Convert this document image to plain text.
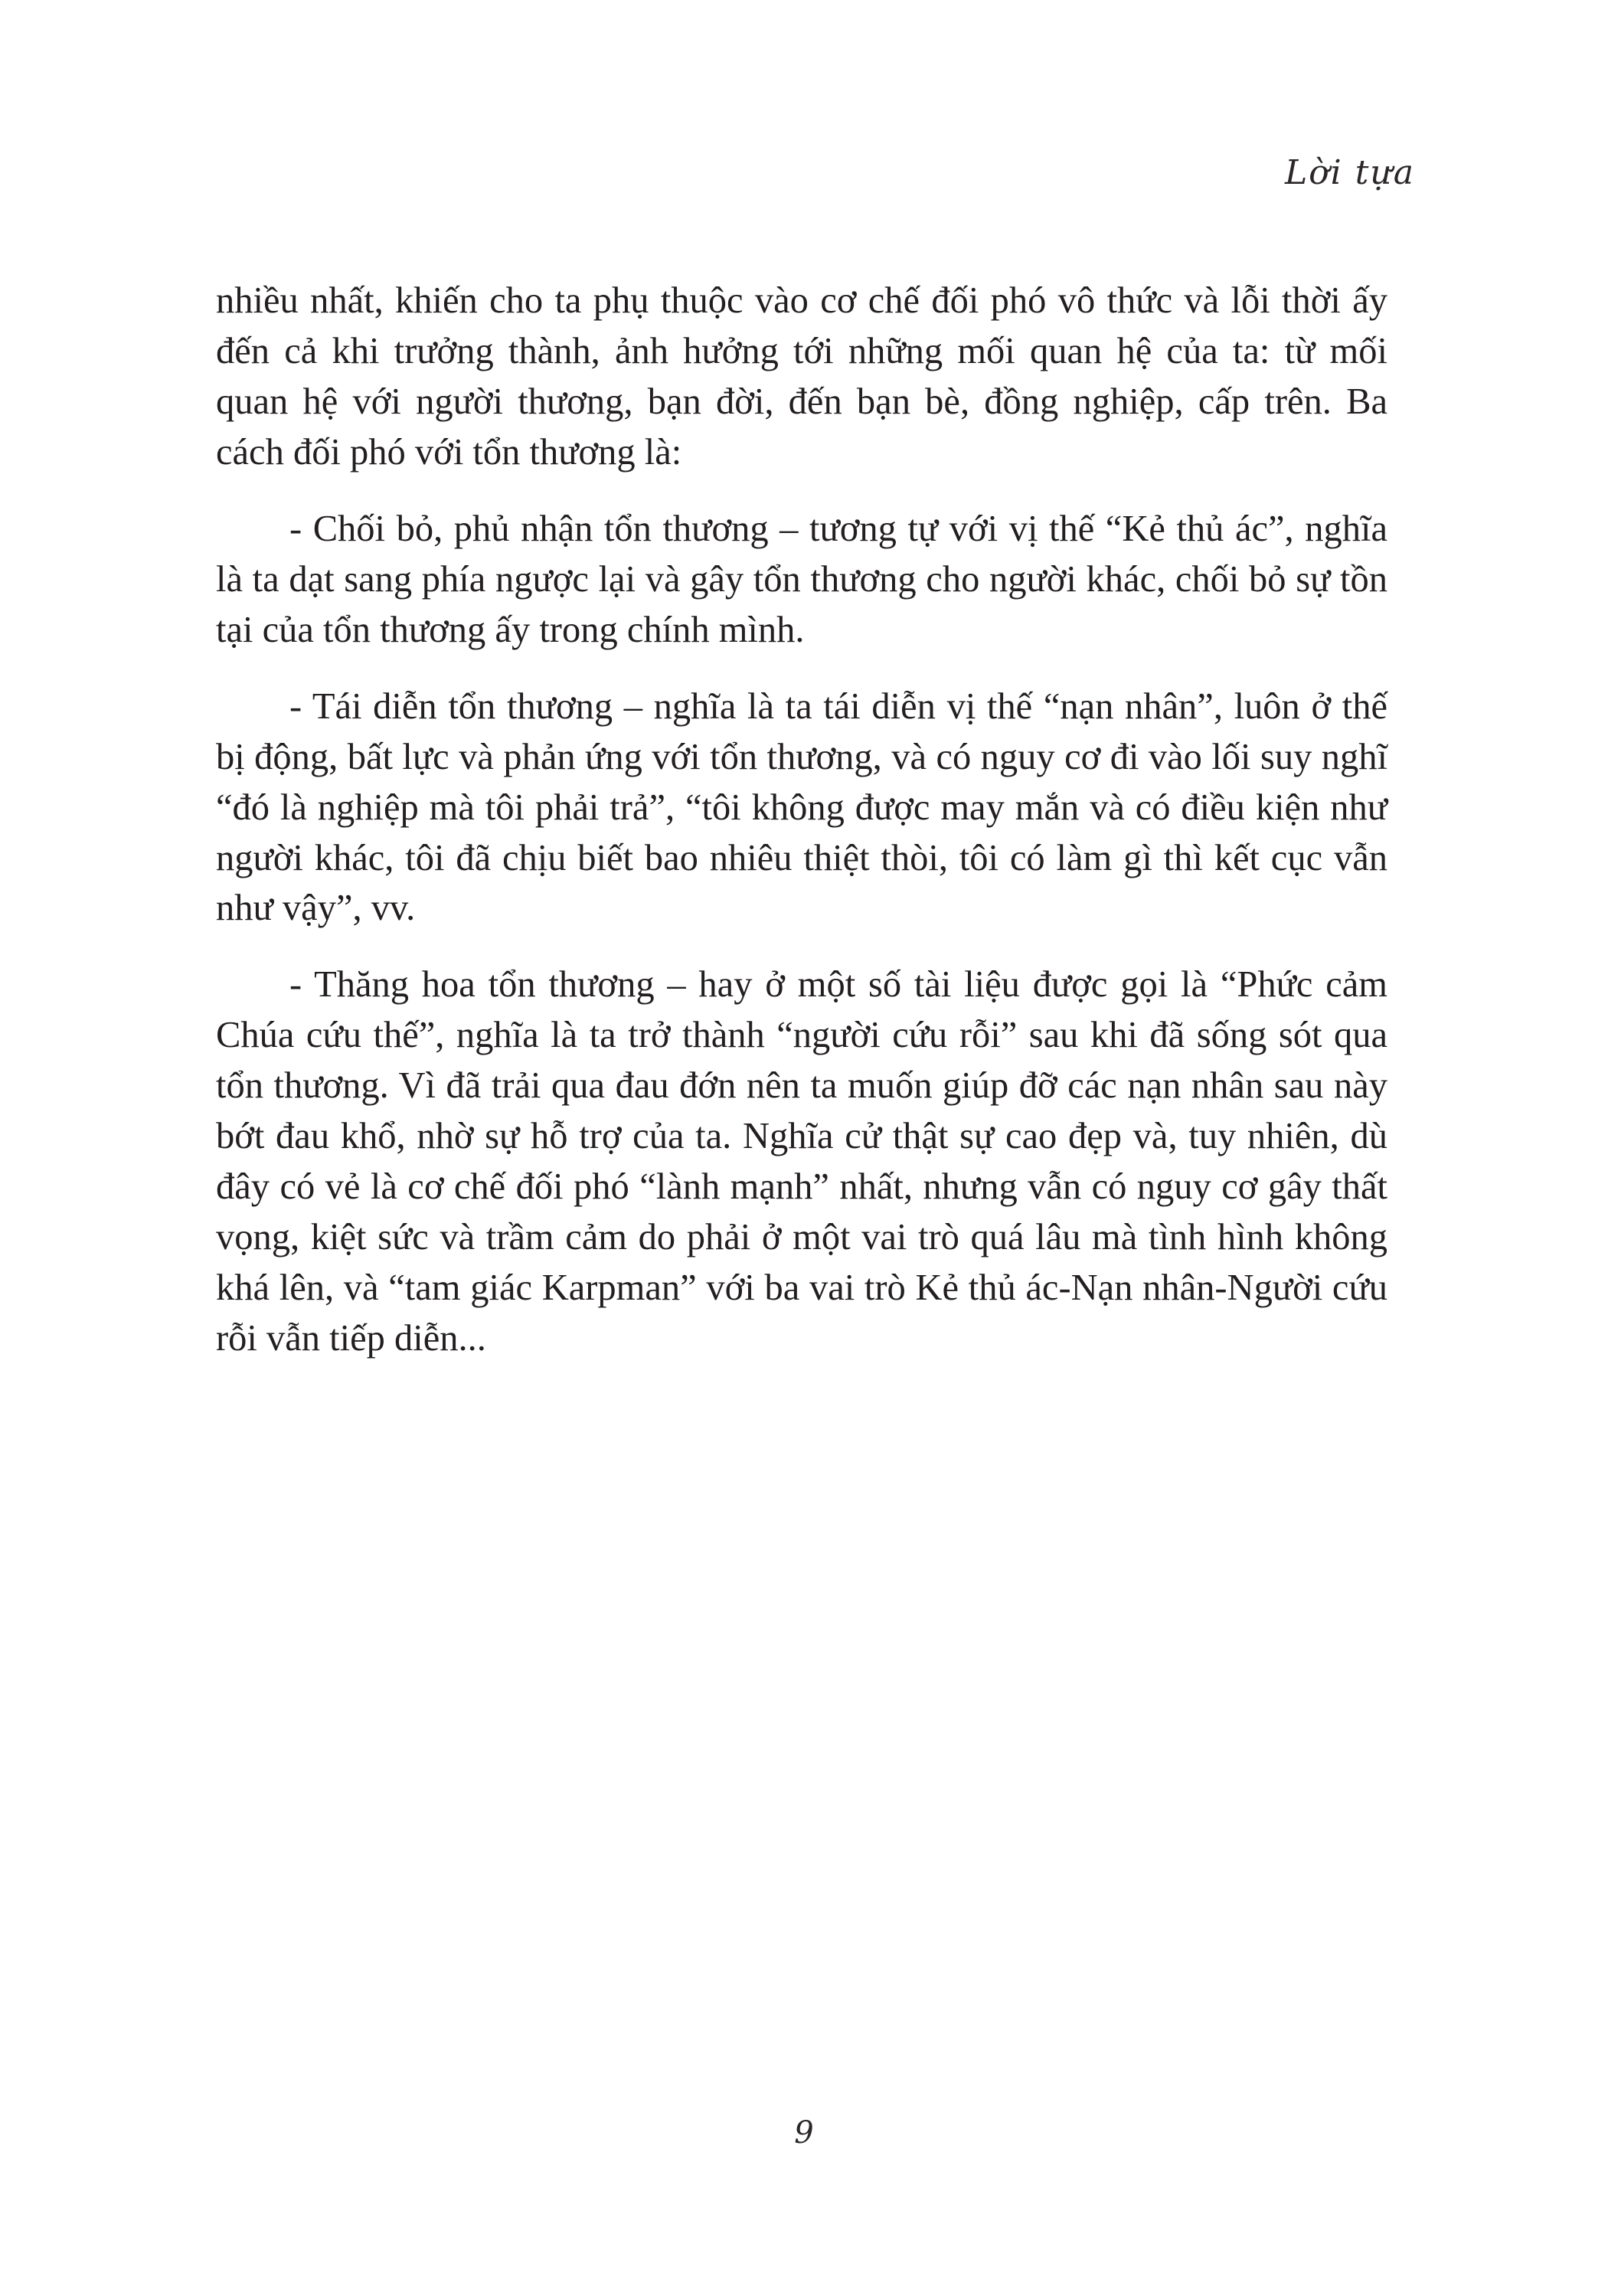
Lời tựa

nhiều nhất, khiến cho ta phụ thuộc vào cơ chế đối phó vô thức và lỗi thời ấy đến cả khi trưởng thành, ảnh hưởng tới những mối quan hệ của ta: từ mối quan hệ với người thương, bạn đời, đến bạn bè, đồng nghiệp, cấp trên. Ba cách đối phó với tổn thương là:

- Chối bỏ, phủ nhận tổn thương – tương tự với vị thế “Kẻ thủ ác”, nghĩa là ta dạt sang phía ngược lại và gây tổn thương cho người khác, chối bỏ sự tồn tại của tổn thương ấy trong chính mình.

- Tái diễn tổn thương – nghĩa là ta tái diễn vị thế “nạn nhân”, luôn ở thế bị động, bất lực và phản ứng với tổn thương, và có nguy cơ đi vào lối suy nghĩ “đó là nghiệp mà tôi phải trả”, “tôi không được may mắn và có điều kiện như người khác, tôi đã chịu biết bao nhiêu thiệt thòi, tôi có làm gì thì kết cục vẫn như vậy”, vv.

- Thăng hoa tổn thương – hay ở một số tài liệu được gọi là “Phức cảm Chúa cứu thế”, nghĩa là ta trở thành “người cứu rỗi” sau khi đã sống sót qua tổn thương. Vì đã trải qua đau đớn nên ta muốn giúp đỡ các nạn nhân sau này bớt đau khổ, nhờ sự hỗ trợ của ta. Nghĩa cử thật sự cao đẹp và, tuy nhiên, dù đây có vẻ là cơ chế đối phó “lành mạnh” nhất, nhưng vẫn có nguy cơ gây thất vọng, kiệt sức và trầm cảm do phải ở một vai trò quá lâu mà tình hình không khá lên, và “tam giác Karpman” với ba vai trò Kẻ thủ ác-Nạn nhân-Người cứu rỗi vẫn tiếp diễn...

9
